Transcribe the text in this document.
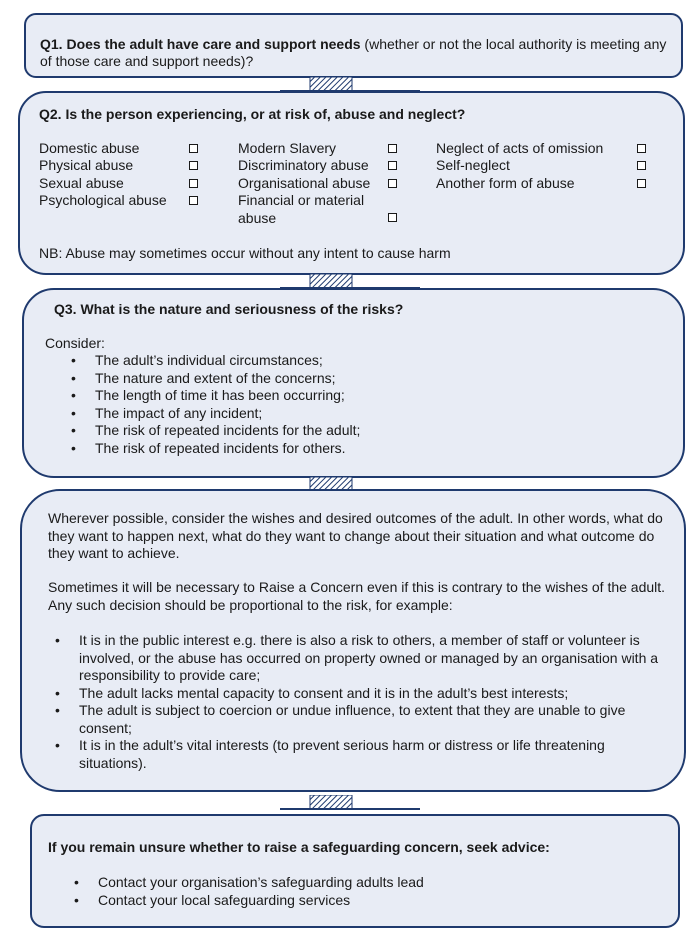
Q1. Does the adult have care and support needs (whether or not the local authority is meeting any of those care and support needs)?

Q2. Is the person experiencing, or at risk of, abuse and neglect?

Domestic abuse
Physical abuse
Sexual abuse
Psychological abuse
Modern Slavery
Discriminatory abuse
Organisational abuse
Financial or material
abuse
Neglect of acts of omission
Self-neglect
Another form of abuse

NB: Abuse may sometimes occur without any intent to cause harm

Q3. What is the nature and seriousness of the risks?

Consider:

• The adult’s individual circumstances;
• The nature and extent of the concerns;
• The length of time it has been occurring;
• The impact of any incident;
• The risk of repeated incidents for the adult;
• The risk of repeated incidents for others.

Wherever possible, consider the wishes and desired outcomes of the adult. In other words, what do they want to happen next, what do they want to change about their situation and what outcome do they want to achieve.

Sometimes it will be necessary to Raise a Concern even if this is contrary to the wishes of the adult. Any such decision should be proportional to the risk, for example:

• It is in the public interest e.g. there is also a risk to others, a member of staff or volunteer is involved, or the abuse has occurred on property owned or managed by an organisation with a responsibility to provide care;
• The adult lacks mental capacity to consent and it is in the adult’s best interests;
• The adult is subject to coercion or undue influence, to extent that they are unable to give consent;
• It is in the adult’s vital interests (to prevent serious harm or distress or life threatening situations).

If you remain unsure whether to raise a safeguarding concern, seek advice:

• Contact your organisation’s safeguarding adults lead
• Contact your local safeguarding services
